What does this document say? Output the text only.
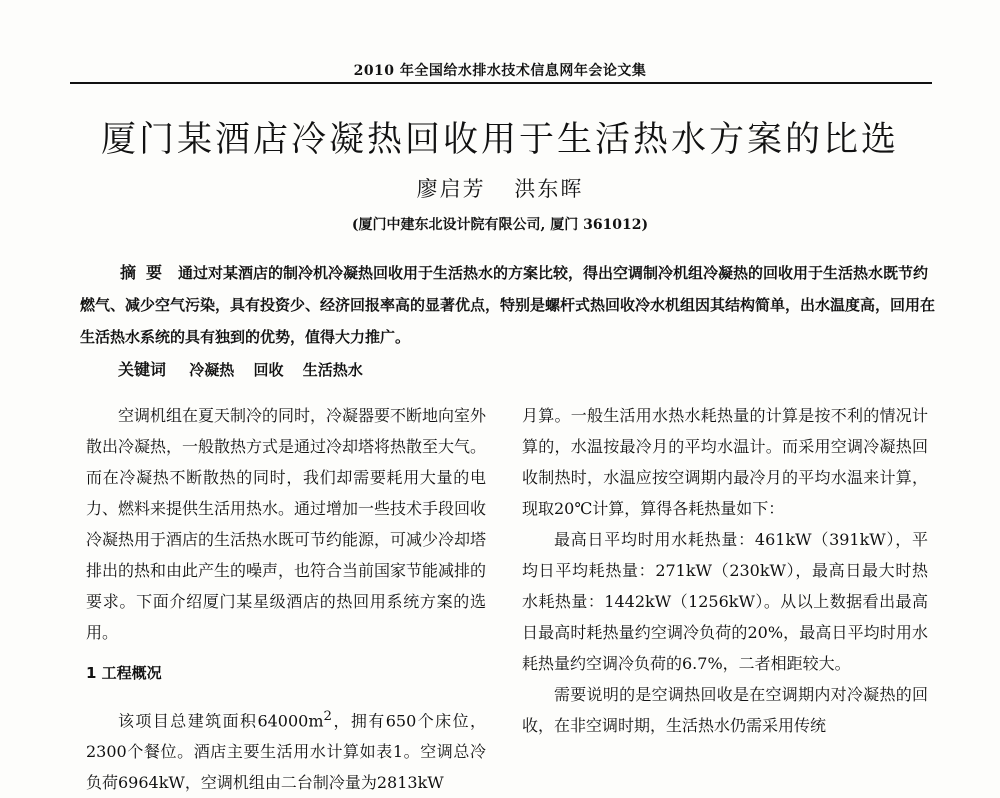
2010 年全国给水排水技术信息网年会论文集
厦门某酒店冷凝热回收用于生活热水方案的比选
廖启芳 洪东晖
(厦门中建东北设计院有限公司, 厦门 361012)
摘要 通过对某酒店的制冷机冷凝热回收用于生活热水的方案比较，得出空调制冷机组冷凝热的回收用于生活热水既节约燃气、减少空气污染，具有投资少、经济回报率高的显著优点，特别是螺杆式热回收冷水机组因其结构简单，出水温度高，回用在生活热水系统的具有独到的优势，值得大力推广。
关键词 冷凝热 回收 生活热水

空调机组在夏天制冷的同时，冷凝器要不断地向室外散出冷凝热，一般散热方式是通过冷却塔将热散至大气。而在冷凝热不断散热的同时，我们却需要耗用大量的电力、燃料来提供生活用热水。通过增加一些技术手段回收冷凝热用于酒店的生活热水既可节约能源，可减少冷却塔排出的热和由此产生的噪声，也符合当前国家节能减排的要求。下面介绍厦门某星级酒店的热回用系统方案的选用。

1 工程概况

该项目总建筑面积$64000m^2$，拥有650个床位，2300个餐位。酒店主要生活用水计算如表1。空调总冷负荷6964kW，空调机组由二台制冷量为2813kW

月算。一般生活用水热水耗热量的计算是按不利的情况计算的，水温按最冷月的平均水温计。而采用空调冷凝热回收制热时，水温应按空调期内最冷月的平均水温来计算，现取20℃计算，算得各耗热量如下：

最高日平均时用水耗热量：461kW（391kW），平均日平均耗热量：271kW（230kW），最高日最大时热水耗热量：1442kW（1256kW）。从以上数据看出最高日最高时耗热量约空调冷负荷的20%，最高日平均时用水耗热量约空调冷负荷的6.7%，二者相距较大。

需要说明的是空调热回收是在空调期内对冷凝热的回收，在非空调时期，生活热水仍需采用传统
